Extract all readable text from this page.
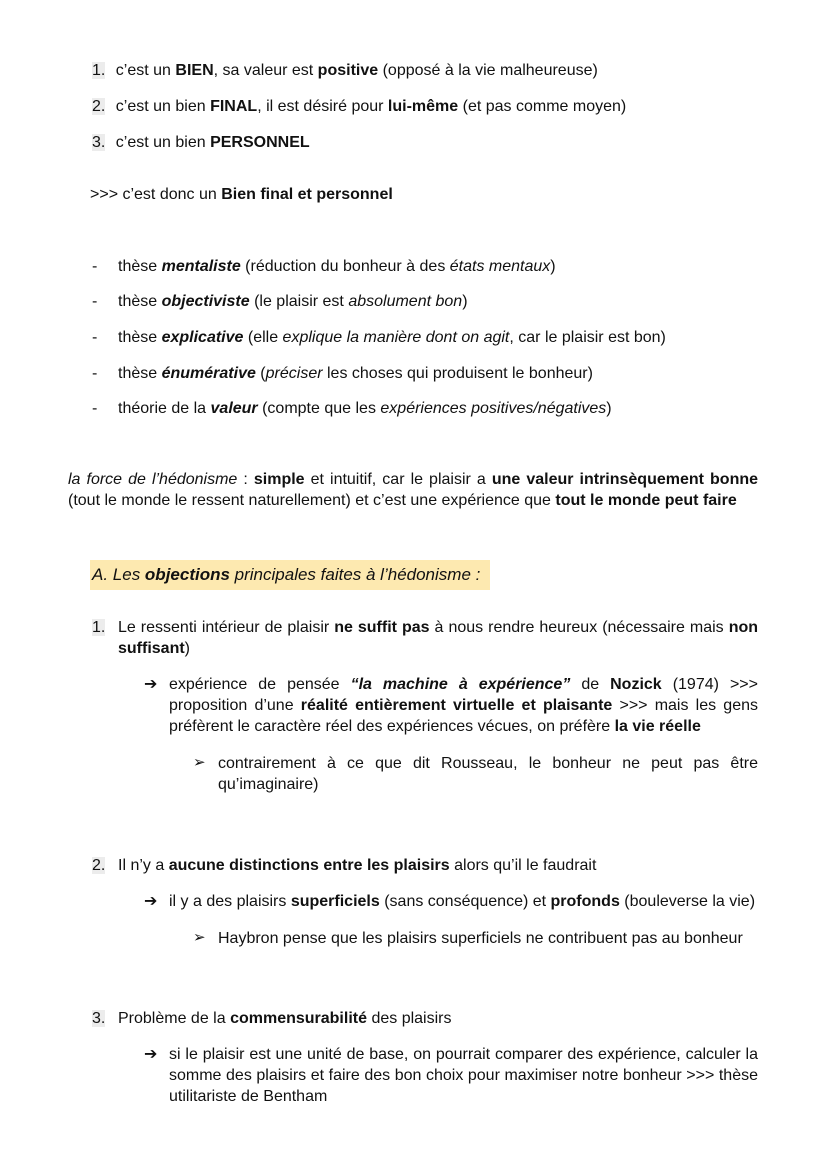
1. c’est un BIEN, sa valeur est positive (opposé à la vie malheureuse)
2. c’est un bien FINAL, il est désiré pour lui-même (et pas comme moyen)
3. c’est un bien PERSONNEL
>>> c’est donc un Bien final et personnel
- thèse mentaliste (réduction du bonheur à des états mentaux)
- thèse objectiviste (le plaisir est absolument bon)
- thèse explicative (elle explique la manière dont on agit, car le plaisir est bon)
- thèse énumérative (préciser les choses qui produisent le bonheur)
- théorie de la valeur (compte que les expériences positives/négatives)
la force de l’hédonisme : simple et intuitif, car le plaisir a une valeur intrinsèquement bonne (tout le monde le ressent naturellement) et c’est une expérience que tout le monde peut faire
A. Les objections principales faites à l’hédonisme :
1. Le ressenti intérieur de plaisir ne suffit pas à nous rendre heureux (nécessaire mais non suffisant)
➔ expérience de pensée “la machine à expérience” de Nozick (1974) >>> proposition d’une réalité entièrement virtuelle et plaisante >>> mais les gens préfèrent le caractère réel des expériences vécues, on préfère la vie réelle
➢ contrairement à ce que dit Rousseau, le bonheur ne peut pas être qu’imaginaire)
2. Il n’y a aucune distinctions entre les plaisirs alors qu’il le faudrait
➔ il y a des plaisirs superficiels (sans conséquence) et profonds (bouleverse la vie)
➢ Haybron pense que les plaisirs superficiels ne contribuent pas au bonheur
3. Problème de la commensurabilité des plaisirs
➔ si le plaisir est une unité de base, on pourrait comparer des expérience, calculer la somme des plaisirs et faire des bon choix pour maximiser notre bonheur >>> thèse utilitariste de Bentham
